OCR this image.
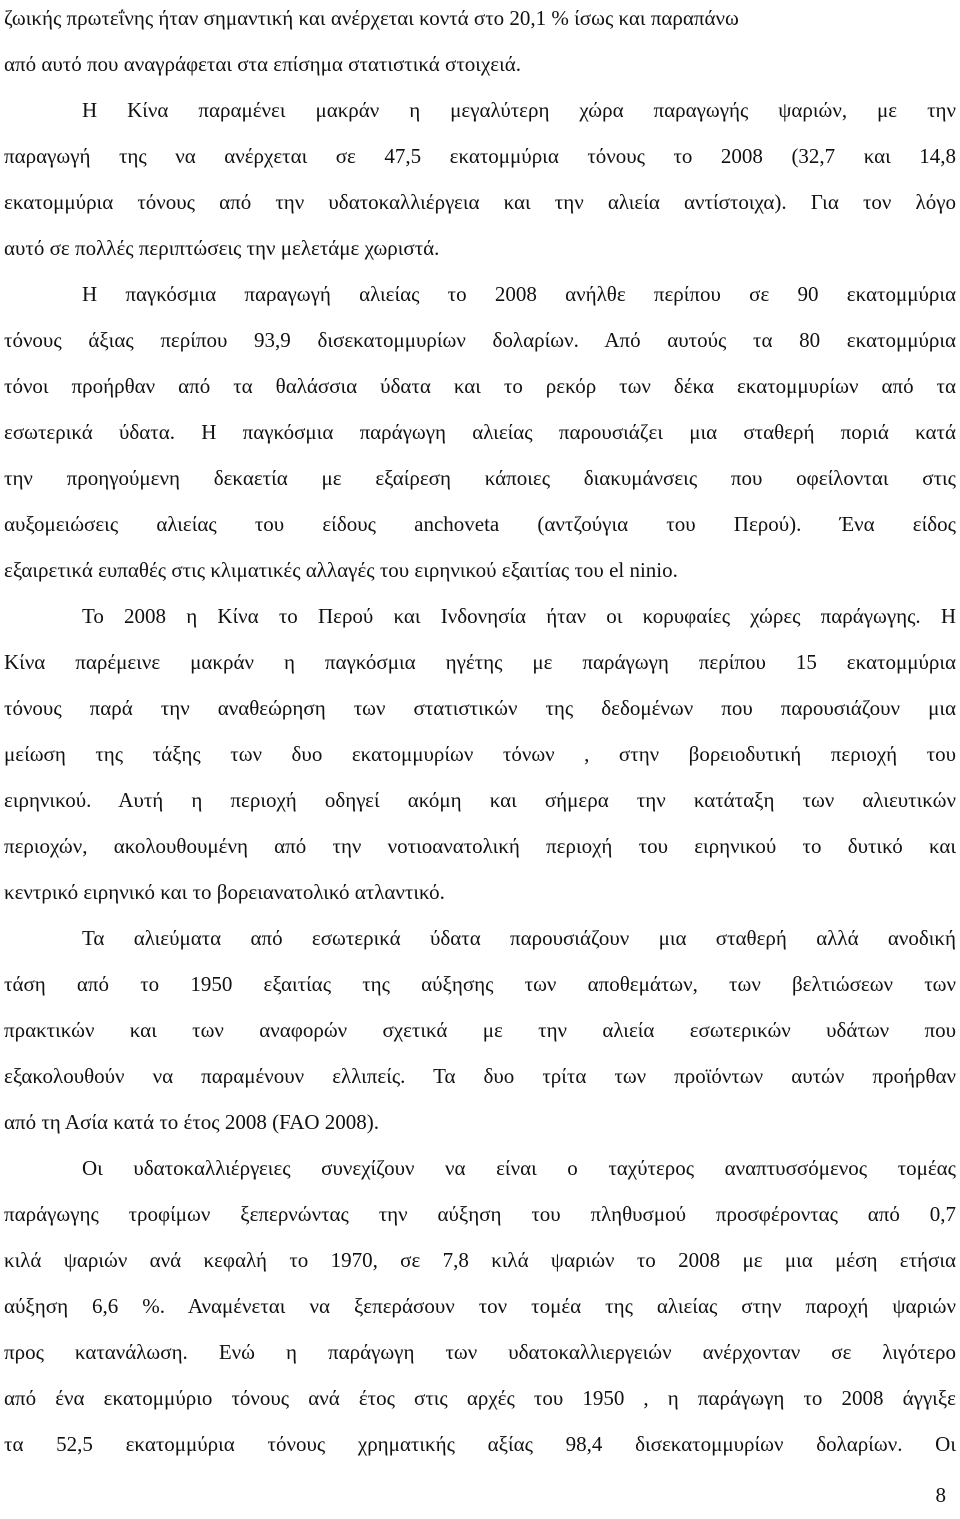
ζωικής πρωτεΐνης ήταν σημαντική και ανέρχεται κοντά στο 20,1 % ίσως και παραπάνω
από αυτό που αναγράφεται στα επίσημα στατιστικά στοιχειά.
Η Κίνα παραμένει μακράν η μεγαλύτερη χώρα παραγωγής ψαριών, με την
παραγωγή της να ανέρχεται σε 47,5 εκατομμύρια τόνους το 2008 (32,7 και 14,8
εκατομμύρια τόνους από την υδατοκαλλιέργεια και την αλιεία αντίστοιχα). Για τον λόγο
αυτό σε πολλές περιπτώσεις την μελετάμε χωριστά.
Η παγκόσμια παραγωγή αλιείας το 2008 ανήλθε περίπου σε 90 εκατομμύρια
τόνους άξιας περίπου 93,9 δισεκατομμυρίων δολαρίων. Από αυτούς τα 80 εκατομμύρια
τόνοι προήρθαν από τα θαλάσσια ύδατα και το ρεκόρ των δέκα εκατομμυρίων από τα
εσωτερικά ύδατα. Η παγκόσμια παράγωγη αλιείας παρουσιάζει μια σταθερή ποριά κατά
την προηγούμενη δεκαετία με εξαίρεση κάποιες διακυμάνσεις που οφείλονται στις
αυξομειώσεις αλιείας του είδους anchoveta (αντζούγια του Περού). Ένα είδος
εξαιρετικά ευπαθές στις κλιματικές αλλαγές του ειρηνικού εξαιτίας του el ninio.
Το 2008 η Κίνα το Περού και Ινδονησία ήταν οι κορυφαίες χώρες παράγωγης. Η
Κίνα παρέμεινε μακράν η παγκόσμια ηγέτης με παράγωγη περίπου 15 εκατομμύρια
τόνους παρά την αναθεώρηση των στατιστικών της δεδομένων που παρουσιάζουν μια
μείωση της τάξης των δυο εκατομμυρίων τόνων , στην βορειοδυτική περιοχή του
ειρηνικού. Αυτή η περιοχή οδηγεί ακόμη και σήμερα την κατάταξη των αλιευτικών
περιοχών, ακολουθουμένη από την νοτιοανατολική περιοχή του ειρηνικού το δυτικό και
κεντρικό ειρηνικό και το βορειανατολικό ατλαντικό.
Τα αλιεύματα από εσωτερικά ύδατα παρουσιάζουν μια σταθερή αλλά ανοδική
τάση από το 1950 εξαιτίας της αύξησης των αποθεμάτων, των βελτιώσεων των
πρακτικών και των αναφορών σχετικά με την αλιεία εσωτερικών υδάτων που
εξακολουθούν να παραμένουν ελλιπείς. Τα δυο τρίτα των προϊόντων αυτών προήρθαν
από τη Ασία κατά το έτος 2008 (FAO 2008).
Οι υδατοκαλλιέργειες συνεχίζουν να είναι ο ταχύτερος αναπτυσσόμενος τομέας
παράγωγης τροφίμων ξεπερνώντας την αύξηση του πληθυσμού προσφέροντας από 0,7
κιλά ψαριών ανά κεφαλή το 1970, σε 7,8 κιλά ψαριών το 2008 με μια μέση ετήσια
αύξηση 6,6 %. Αναμένεται να ξεπεράσουν τον τομέα της αλιείας στην παροχή ψαριών
προς κατανάλωση. Ενώ η παράγωγη των υδατοκαλλιεργειών ανέρχονταν σε λιγότερο
από ένα εκατομμύριο τόνους ανά έτος στις αρχές του 1950 , η παράγωγη το 2008 άγγιξε
τα 52,5 εκατομμύρια τόνους χρηματικής αξίας 98,4 δισεκατομμυρίων δολαρίων. Οι
8
